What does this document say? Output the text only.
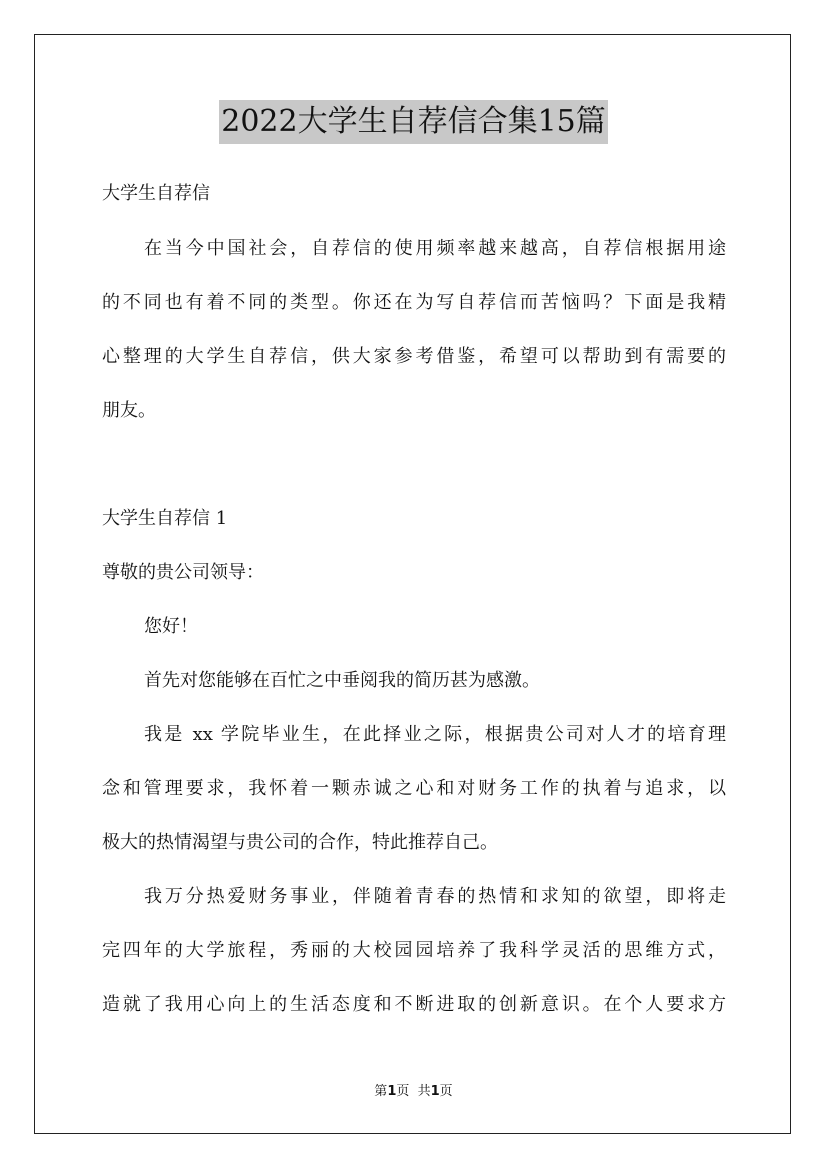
2022大学生自荐信合集15篇
大学生自荐信
在当今中国社会，自荐信的使用频率越来越高，自荐信根据用途
的不同也有着不同的类型。你还在为写自荐信而苦恼吗？下面是我精
心整理的大学生自荐信，供大家参考借鉴，希望可以帮助到有需要的
朋友。
大学生自荐信 1
尊敬的贵公司领导：
您好！
首先对您能够在百忙之中垂阅我的简历甚为感激。
我是 xx 学院毕业生，在此择业之际，根据贵公司对人才的培育理
念和管理要求，我怀着一颗赤诚之心和对财务工作的执着与追求，以
极大的热情渴望与贵公司的合作，特此推荐自己。
我万分热爱财务事业，伴随着青春的热情和求知的欲望，即将走
完四年的大学旅程，秀丽的大校园园培养了我科学灵活的思维方式，
造就了我用心向上的生活态度和不断进取的创新意识。在个人要求方
第1页  共1页
